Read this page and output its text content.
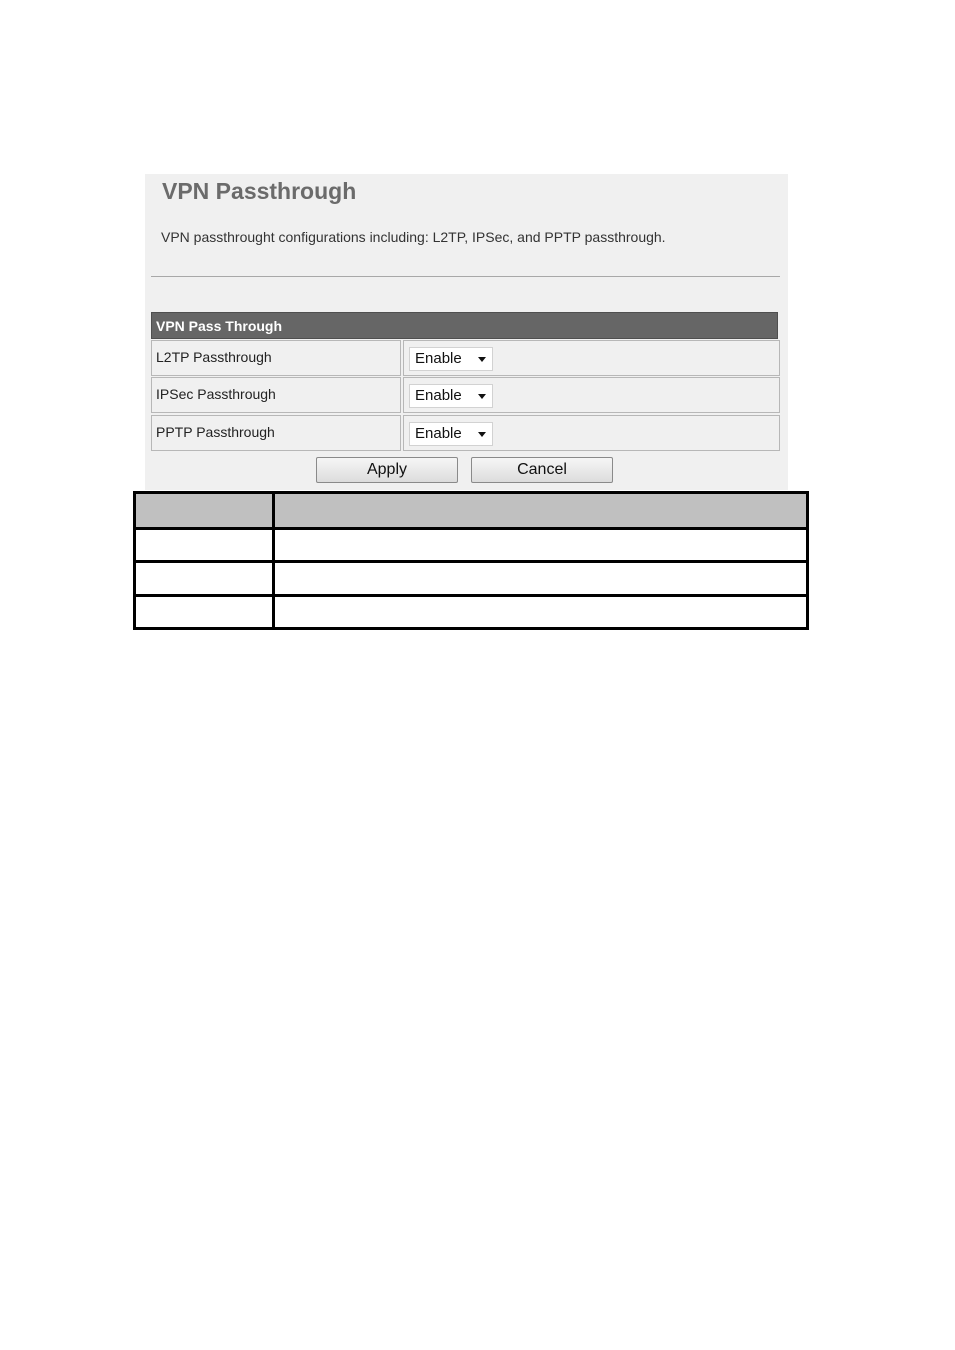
VPN Passthrough
VPN passthrought configurations including: L2TP, IPSec, and PPTP passthrough.
VPN Pass Through
L2TP Passthrough	Enable
IPSec Passthrough	Enable
PPTP Passthrough	Enable
Apply	Cancel
